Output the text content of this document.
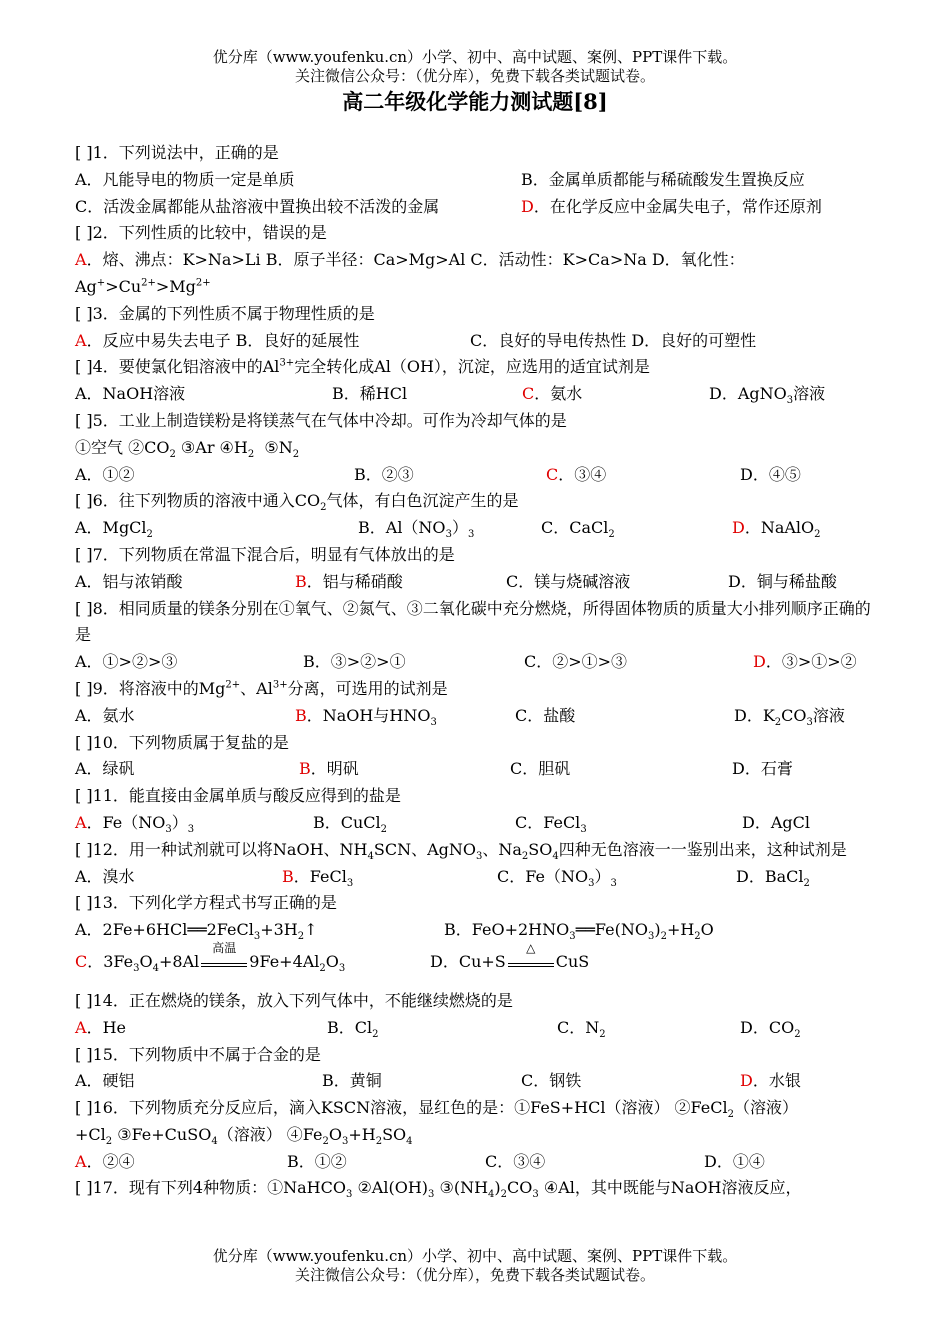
优分库（www.youfenku.cn）小学、初中、高中试题、案例、PPT课件下载。
关注微信公众号：（优分库），免费下载各类试题试卷。
高二年级化学能力测试题[8]
[ ]1．下列说法中，正确的是
A．凡能导电的物质一定是单质	B．金属单质都能与稀硫酸发生置换反应
C．活泼金属都能从盐溶液中置换出较不活泼的金属	D．在化学反应中金属失电子，常作还原剂
[ ]2．下列性质的比较中，错误的是
A．熔、沸点：K>Na>Li B．原子半径：Ca>Mg>Al C．活动性：K>Ca>Na D．氧化性：
$Ag^+>Cu^{2+}>Mg^{2+}$
[ ]3．金属的下列性质不属于物理性质的是
A．反应中易失去电子 B．良好的延展性	C．良好的导电传热性 D．良好的可塑性
[ ]4．要使氯化铝溶液中的$Al^{3+}$完全转化成Al（OH），沉淀，应选用的适宜试剂是
A．NaOH溶液	B．稀HCl	C．氨水	D．AgNO$_3$溶液
[ ]5．工业上制造镁粉是将镁蒸气在气体中冷却。可作为冷却气体的是
①空气 $②CO_2$ ③Ar $④H_2$ $⑤N_2$
A．①②	B．②③	C．③④	D．④⑤
[ ]6．往下列物质的溶液中通入$CO_2$气体，有白色沉淀产生的是
A．MgCl$_2$	B．$Al(NO_3)_3$	C．CaCl$_2$	D．NaAlO$_2$
[ ]7．下列物质在常温下混合后，明显有气体放出的是
A．铝与浓销酸	B．铝与稀硝酸	C．镁与烧碱溶液	D．铜与稀盐酸
[ ]8．相同质量的镁条分别在①氧气、②氮气、③二氧化碳中充分燃烧，所得固体物质的质量大小排列顺序正确的是
A．①>②>③	B．③>②>①	C．②>①>③	D．③>①>②
[ ]9．将溶液中的$Mg^{2+}$、$Al^{3+}$分离，可选用的试剂是
A．氨水	B．NaOH与$HNO_3$	C．盐酸	D．$K_2CO_3$溶液
[ ]10．下列物质属于复盐的是
A．绿矾	B．明矾	C．胆矾	D．石膏
[ ]11．能直接由金属单质与酸反应得到的盐是
A．$Fe(NO_3)_3$	B．CuCl$_2$	C．FeCl$_3$	D．AgCl
[ ]12．用一种试剂就可以将NaOH、$NH_4SCN$、AgNO$_3$、$Na_2SO_4$四种无色溶液一一鉴别出来，这种试剂是
A．溴水	B．FeCl$_3$	C．$Fe(NO_3)_3$	D．BaCl$_2$
[ ]13．下列化学方程式书写正确的是
A．$2Fe+6HCl══2FeCl_3+3H_2↑$	B．$FeO+2HNO_3══Fe(NO_3)_2+H_2O$
C．$3Fe_3O_4+8Al$
高温
$9Fe+4Al_2O_3$	D．Cu+S
△
CuS
[ ]14．正在燃烧的镁条，放入下列气体中，不能继续燃烧的是
A．He	B．$Cl_2$	C．$N_2$	D．$CO_2$
[ ]15．下列物质中不属于合金的是
A．硬铝	B．黄铜	C．钢铁	D．水银
[ ]16．下列物质充分反应后，滴入KSCN溶液，显红色的是：①FeS+HCl（溶液） ②FeCl$_2$（溶液）$+Cl_2$ ③Fe+CuSO$_4$（溶液） $④Fe_2O_3+H_2SO_4$
A．②④	B．①②	C．③④	D．①④
[ ]17．现有下列4种物质：①NaHCO$_3$ $②Al(OH)_3$ $③(NH_4)_2CO_3$ ④Al，其中既能与NaOH溶液反应，
优分库（www.youfenku.cn）小学、初中、高中试题、案例、PPT课件下载。
关注微信公众号：（优分库），免费下载各类试题试卷。
